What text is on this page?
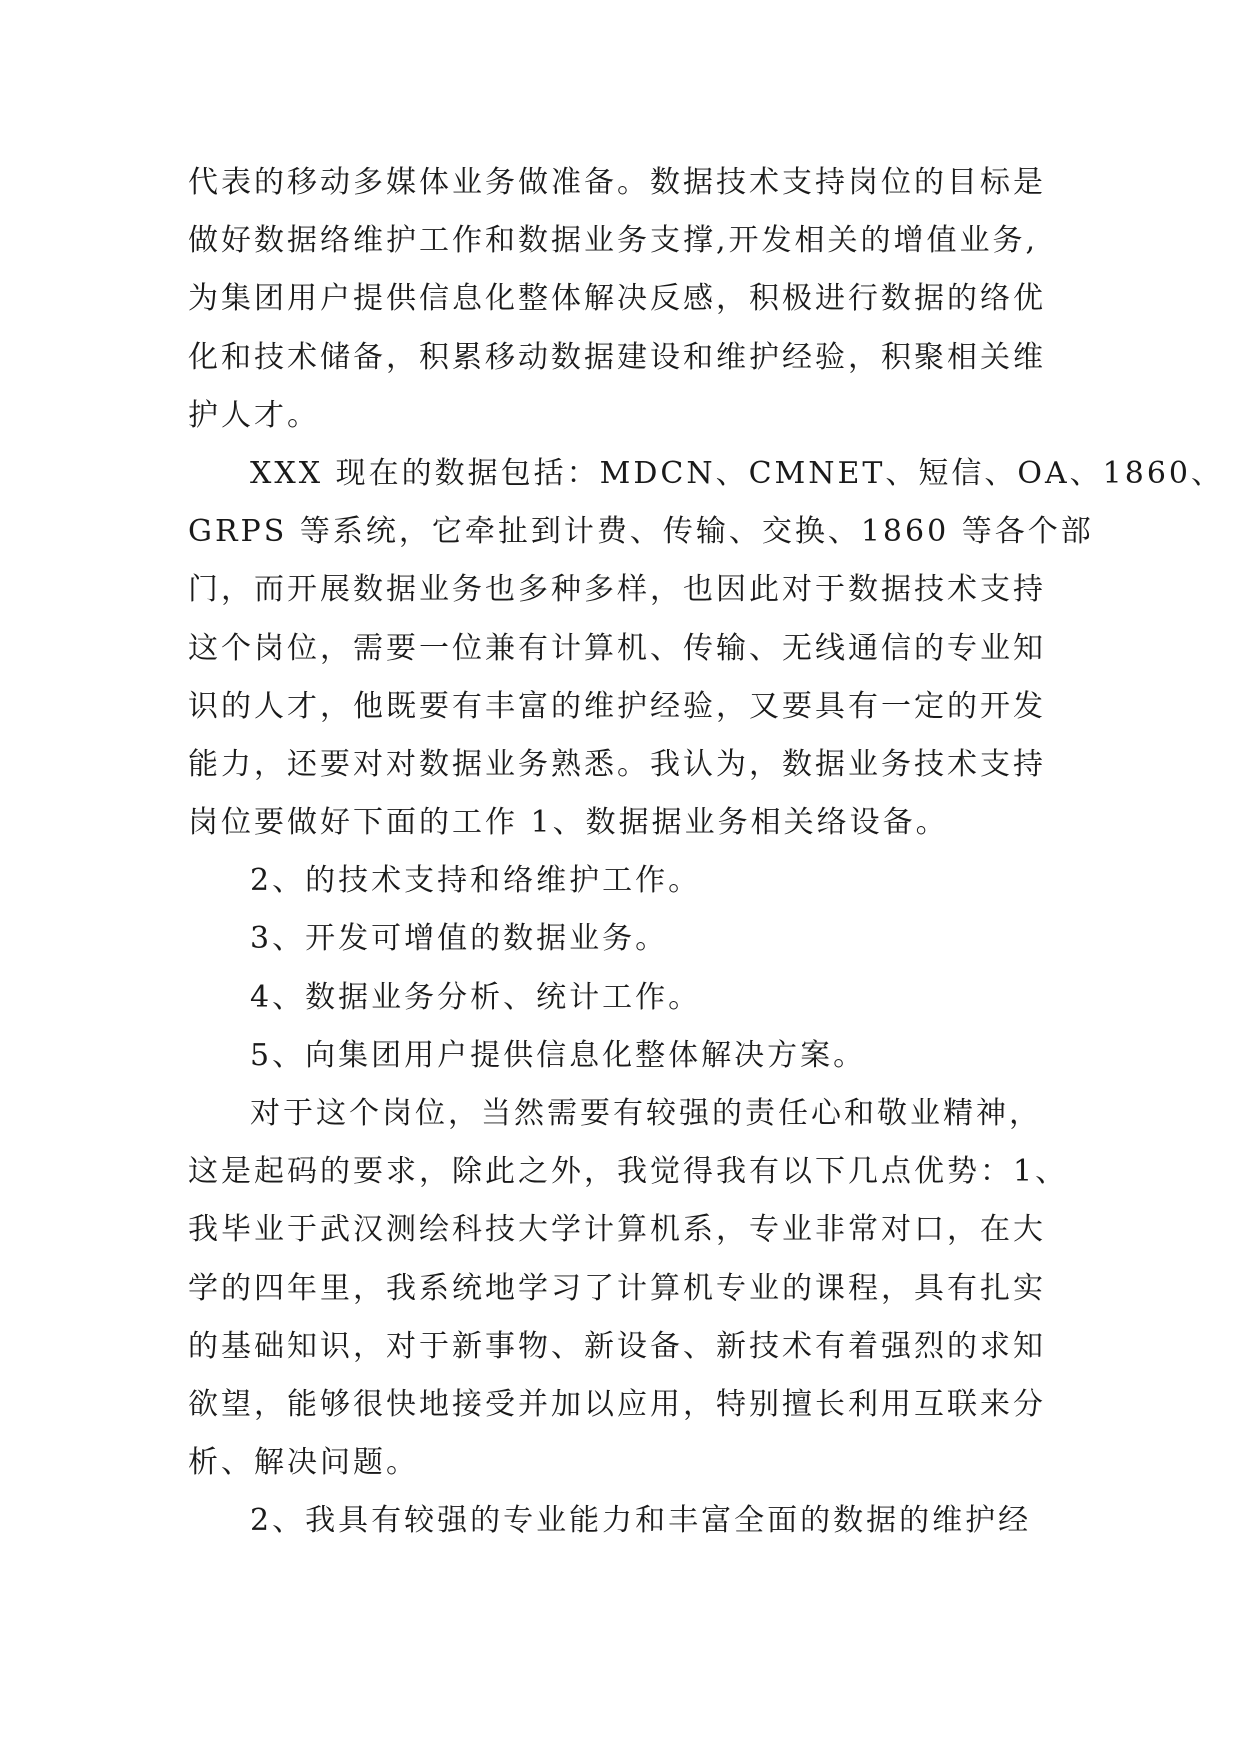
代表的移动多媒体业务做准备。数据技术支持岗位的目标是
做好数据络维护工作和数据业务支撑,开发相关的增值业务,
为集团用户提供信息化整体解决反感，积极进行数据的络优
化和技术储备，积累移动数据建设和维护经验，积聚相关维
护人才。
XXX 现在的数据包括：MDCN、CMNET、短信、OA、1860、
GRPS 等系统，它牵扯到计费、传输、交换、1860 等各个部
门，而开展数据业务也多种多样，也因此对于数据技术支持
这个岗位，需要一位兼有计算机、传输、无线通信的专业知
识的人才，他既要有丰富的维护经验，又要具有一定的开发
能力，还要对对数据业务熟悉。我认为，数据业务技术支持
岗位要做好下面的工作 1、数据据业务相关络设备。
2、的技术支持和络维护工作。
3、开发可增值的数据业务。
4、数据业务分析、统计工作。
5、向集团用户提供信息化整体解决方案。
对于这个岗位，当然需要有较强的责任心和敬业精神，
这是起码的要求，除此之外，我觉得我有以下几点优势：1、
我毕业于武汉测绘科技大学计算机系，专业非常对口，在大
学的四年里，我系统地学习了计算机专业的课程，具有扎实
的基础知识，对于新事物、新设备、新技术有着强烈的求知
欲望，能够很快地接受并加以应用，特别擅长利用互联来分
析、解决问题。
2、我具有较强的专业能力和丰富全面的数据的维护经
